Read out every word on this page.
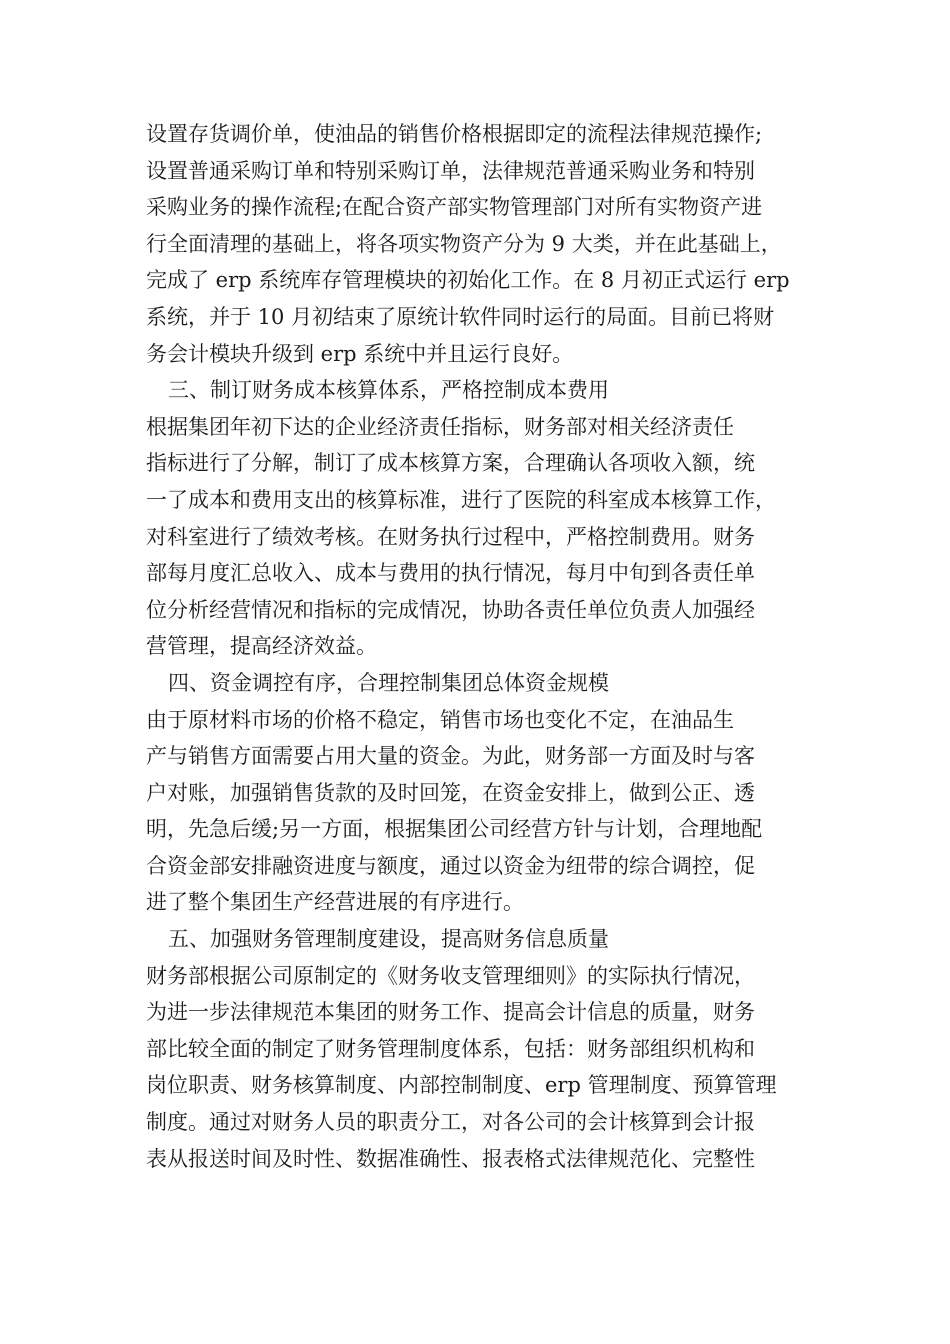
设置存货调价单，使油品的销售价格根据即定的流程法律规范操作;
设置普通采购订单和特别采购订单，法律规范普通采购业务和特别
采购业务的操作流程;在配合资产部实物管理部门对所有实物资产进
行全面清理的基础上，将各项实物资产分为 9 大类，并在此基础上，
完成了 erp 系统库存管理模块的初始化工作。在 8 月初正式运行 erp
系统，并于 10 月初结束了原统计软件同时运行的局面。目前已将财
务会计模块升级到 erp 系统中并且运行良好。
三、制订财务成本核算体系，严格控制成本费用
根据集团年初下达的企业经济责任指标，财务部对相关经济责任
指标进行了分解，制订了成本核算方案，合理确认各项收入额，统
一了成本和费用支出的核算标准，进行了医院的科室成本核算工作，
对科室进行了绩效考核。在财务执行过程中，严格控制费用。财务
部每月度汇总收入、成本与费用的执行情况，每月中旬到各责任单
位分析经营情况和指标的完成情况，协助各责任单位负责人加强经
营管理，提高经济效益。
四、资金调控有序，合理控制集团总体资金规模
由于原材料市场的价格不稳定，销售市场也变化不定，在油品生
产与销售方面需要占用大量的资金。为此，财务部一方面及时与客
户对账，加强销售货款的及时回笼，在资金安排上，做到公正、透
明，先急后缓;另一方面，根据集团公司经营方针与计划，合理地配
合资金部安排融资进度与额度，通过以资金为纽带的综合调控，促
进了整个集团生产经营进展的有序进行。
五、加强财务管理制度建设，提高财务信息质量
财务部根据公司原制定的《财务收支管理细则》的实际执行情况，
为进一步法律规范本集团的财务工作、提高会计信息的质量，财务
部比较全面的制定了财务管理制度体系，包括：财务部组织机构和
岗位职责、财务核算制度、内部控制制度、erp 管理制度、预算管理
制度。通过对财务人员的职责分工，对各公司的会计核算到会计报
表从报送时间及时性、数据准确性、报表格式法律规范化、完整性
